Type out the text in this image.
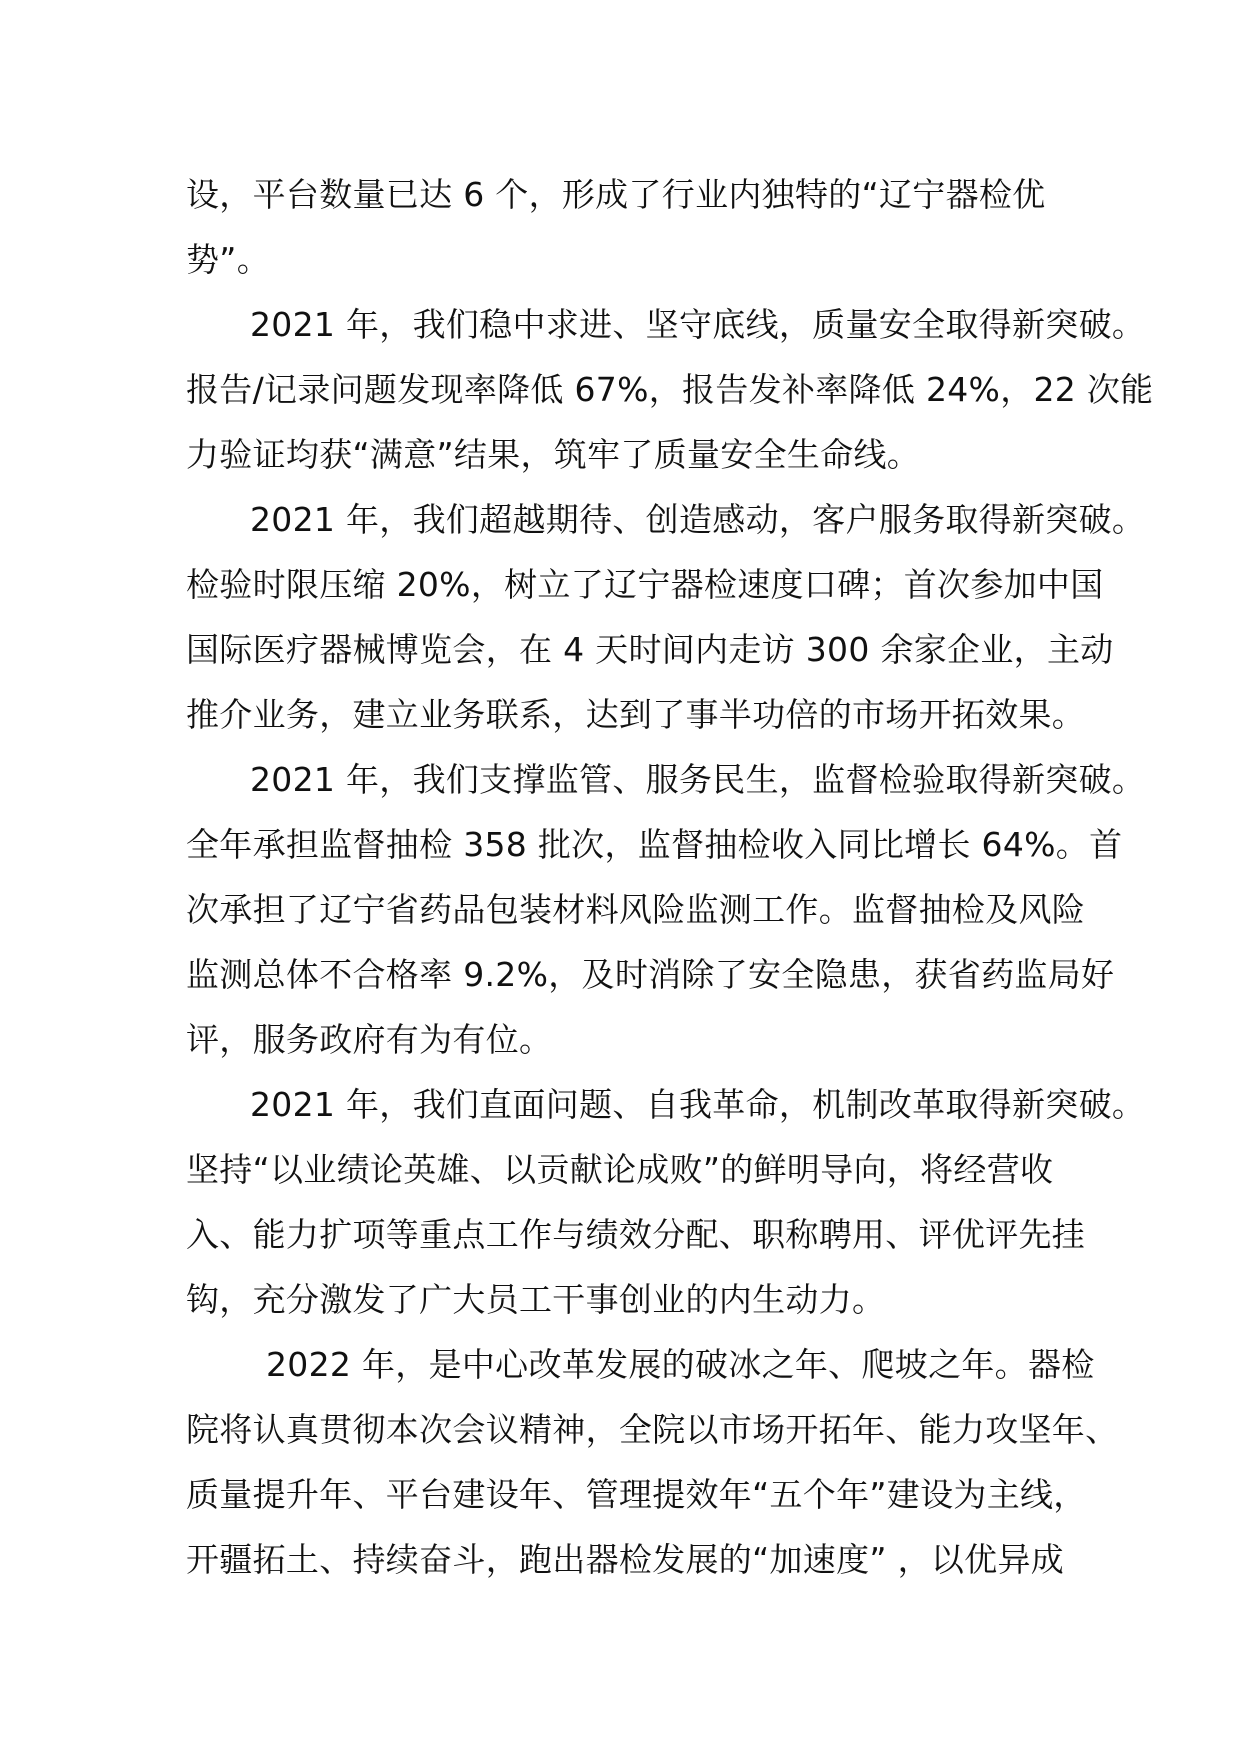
设，平台数量已达 6 个，形成了行业内独特的“辽宁器检优
势”。
2021 年，我们稳中求进、坚守底线，质量安全取得新突破。
报告/记录问题发现率降低 67%，报告发补率降低 24%，22 次能
力验证均获“满意”结果，筑牢了质量安全生命线。
2021 年，我们超越期待、创造感动，客户服务取得新突破。
检验时限压缩 20%，树立了辽宁器检速度口碑；首次参加中国
国际医疗器械博览会，在 4 天时间内走访 300 余家企业，主动
推介业务，建立业务联系，达到了事半功倍的市场开拓效果。
2021 年，我们支撑监管、服务民生，监督检验取得新突破。
全年承担监督抽检 358 批次，监督抽检收入同比增长 64%。首
次承担了辽宁省药品包装材料风险监测工作。监督抽检及风险
监测总体不合格率 9.2%，及时消除了安全隐患，获省药监局好
评，服务政府有为有位。
2021 年，我们直面问题、自我革命，机制改革取得新突破。
坚持“以业绩论英雄、以贡献论成败”的鲜明导向，将经营收
入、能力扩项等重点工作与绩效分配、职称聘用、评优评先挂
钩，充分激发了广大员工干事创业的内生动力。
2022 年，是中心改革发展的破冰之年、爬坡之年。器检
院将认真贯彻本次会议精神，全院以市场开拓年、能力攻坚年、
质量提升年、平台建设年、管理提效年“五个年”建设为主线，
开疆拓土、持续奋斗，跑出器检发展的“加速度” ，以优异成
